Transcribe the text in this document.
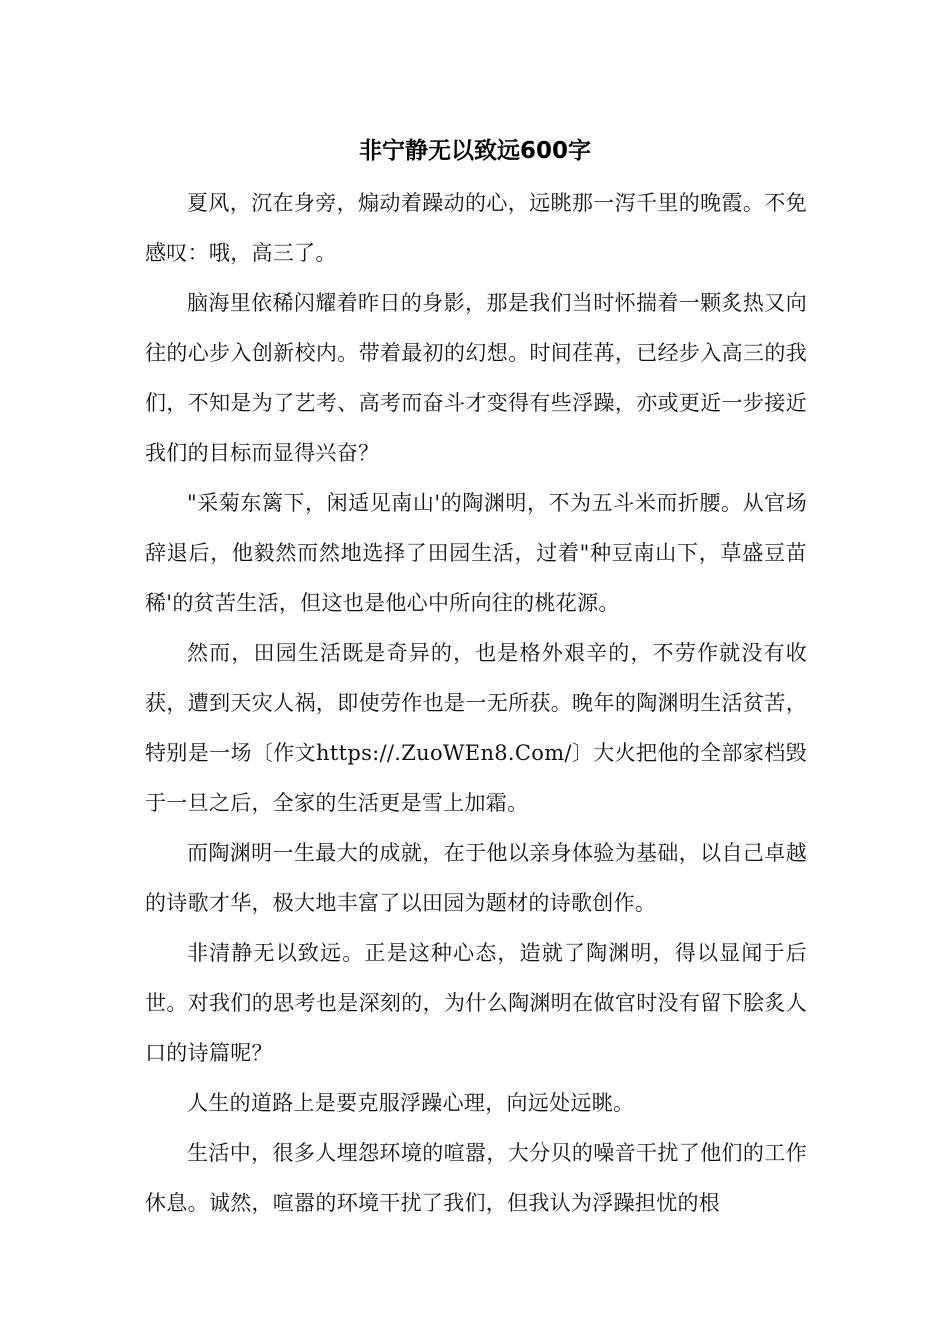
非宁静无以致远600字

夏风，沉在身旁，煽动着躁动的心，远眺那一泻千里的晚霞。不免感叹：哦，高三了。

脑海里依稀闪耀着昨日的身影，那是我们当时怀揣着一颗炙热又向往的心步入创新校内。带着最初的幻想。时间荏苒，已经步入高三的我们，不知是为了艺考、高考而奋斗才变得有些浮躁，亦或更近一步接近我们的目标而显得兴奋？

"采菊东篱下，闲适见南山'的陶渊明，不为五斗米而折腰。从官场辞退后，他毅然而然地选择了田园生活，过着"种豆南山下，草盛豆苗稀'的贫苦生活，但这也是他心中所向往的桃花源。

然而，田园生活既是奇异的，也是格外艰辛的，不劳作就没有收获，遭到天灾人祸，即使劳作也是一无所获。晚年的陶渊明生活贫苦，特别是一场〔作文https://.ZuoWEn8.Com/〕大火把他的全部家档毁于一旦之后，全家的生活更是雪上加霜。

而陶渊明一生最大的成就，在于他以亲身体验为基础，以自己卓越的诗歌才华，极大地丰富了以田园为题材的诗歌创作。

非清静无以致远。正是这种心态，造就了陶渊明，得以显闻于后世。对我们的思考也是深刻的，为什么陶渊明在做官时没有留下脍炙人口的诗篇呢？

人生的道路上是要克服浮躁心理，向远处远眺。

生活中，很多人埋怨环境的喧嚣，大分贝的噪音干扰了他们的工作休息。诚然，喧嚣的环境干扰了我们，但我认为浮躁担忧的根
